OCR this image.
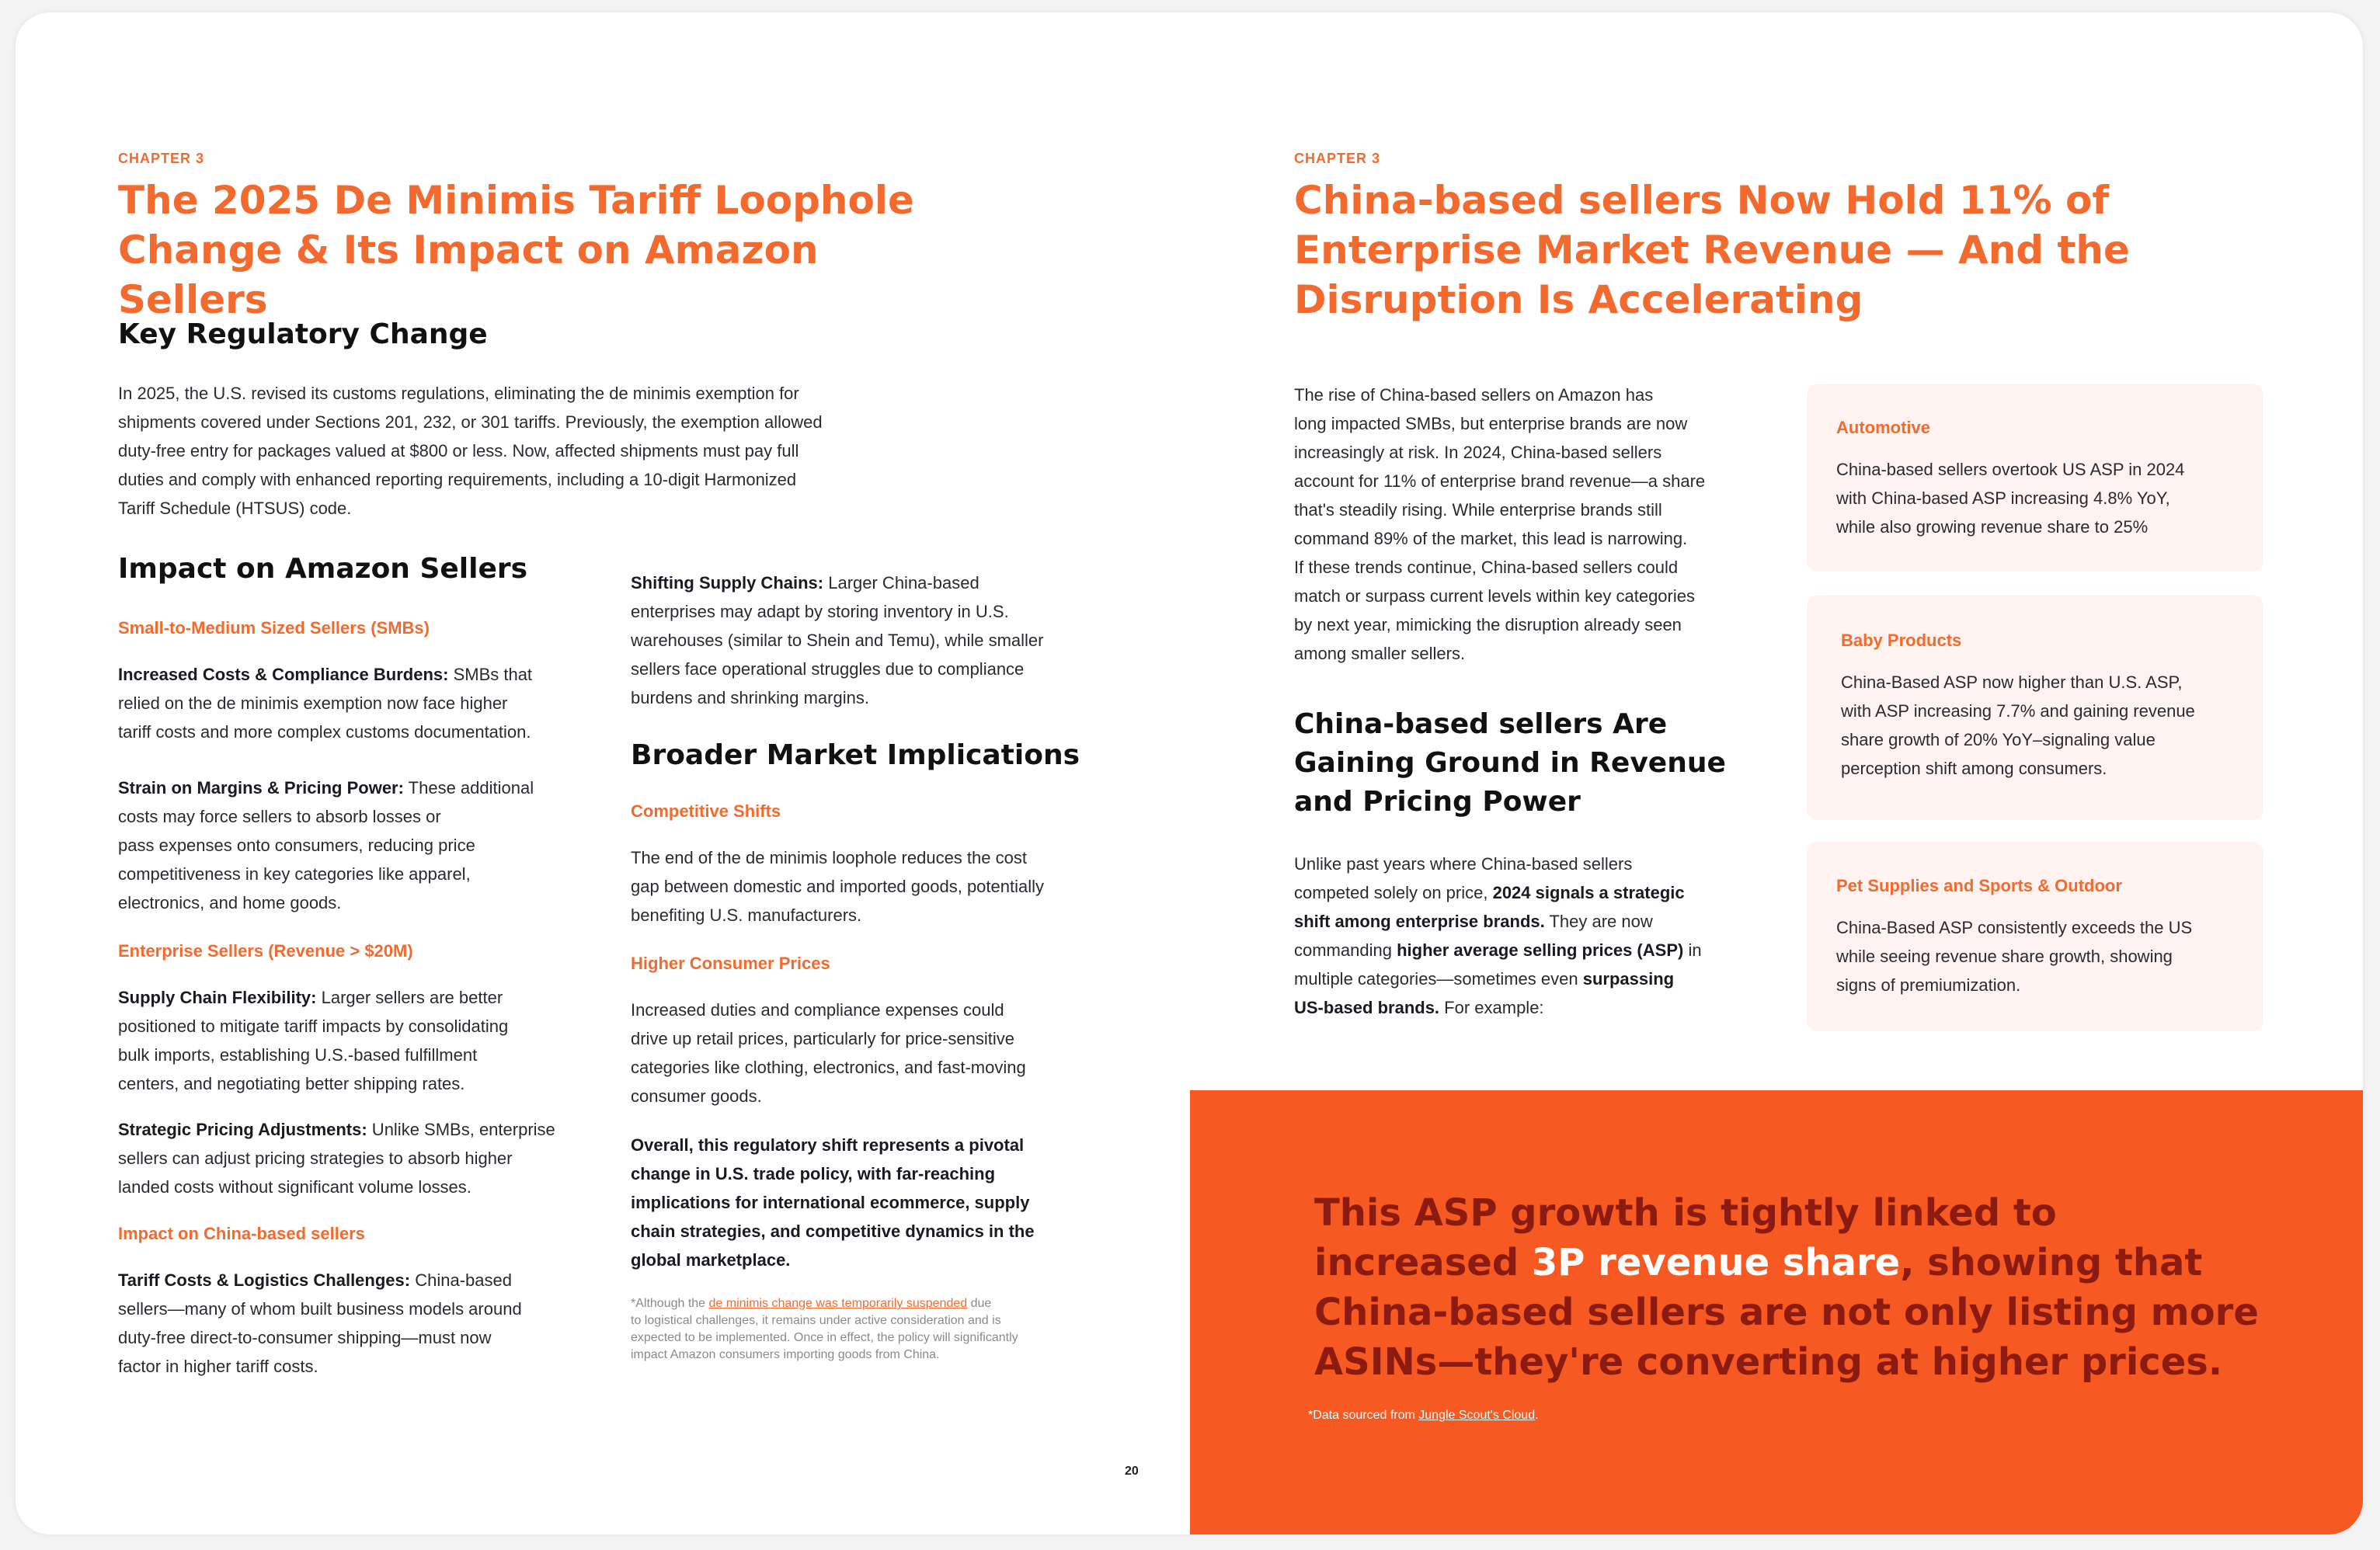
CHAPTER 3

The 2025 De Minimis Tariff Loophole

Change & Its Impact on Amazon Sellers

Key Regulatory Change

In 2025, the U.S. revised its customs regulations, eliminating the de minimis exemption for

shipments covered under Sections 201, 232, or 301 tariffs. Previously, the exemption allowed

duty-free entry for packages valued at $800 or less. Now, affected shipments must pay full

duties and comply with enhanced reporting requirements, including a 10-digit Harmonized

Tariff Schedule (HTSUS) code.

Impact on Amazon Sellers
Small-to-Medium Sized Sellers (SMBs)

Increased Costs & Compliance Burdens: SMBs that

relied on the de minimis exemption now face higher

tariff costs and more complex customs documentation.

Strain on Margins & Pricing Power: These additional

costs may force sellers to absorb losses or

pass expenses onto consumers, reducing price

competitiveness in key categories like apparel,

electronics, and home goods.

Enterprise Sellers (Revenue > $20M)

Supply Chain Flexibility: Larger sellers are better

positioned to mitigate tariff impacts by consolidating

bulk imports, establishing U.S.-based fulfillment

centers, and negotiating better shipping rates.

Strategic Pricing Adjustments: Unlike SMBs, enterprise

sellers can adjust pricing strategies to absorb higher

landed costs without significant volume losses.

Impact on China-based sellers

Tariff Costs & Logistics Challenges: China-based

sellers—many of whom built business models around

duty-free direct-to-consumer shipping—must now

factor in higher tariff costs.

Shifting Supply Chains: Larger China-based

enterprises may adapt by storing inventory in U.S.

warehouses (similar to Shein and Temu), while smaller

sellers face operational struggles due to compliance

burdens and shrinking margins.

Broader Market Implications
Competitive Shifts

The end of the de minimis loophole reduces the cost

gap between domestic and imported goods, potentially

benefiting U.S. manufacturers.

Higher Consumer Prices

Increased duties and compliance expenses could

drive up retail prices, particularly for price-sensitive

categories like clothing, electronics, and fast-moving

consumer goods.

Overall, this regulatory shift represents a pivotal

change in U.S. trade policy, with far-reaching

implications for international ecommerce, supply

chain strategies, and competitive dynamics in the

global marketplace.

*Although the de minimis change was temporarily suspended due
to logistical challenges, it remains under active consideration and is
expected to be implemented. Once in effect, the policy will significantly
impact Amazon consumers importing goods from China.
20
CHAPTER 3

China-based sellers Now Hold 11% of

Enterprise Market Revenue — And the

Disruption Is Accelerating

The rise of China-based sellers on Amazon has

long impacted SMBs, but enterprise brands are now

increasingly at risk. In 2024, China-based sellers

account for 11% of enterprise brand revenue—a share

that's steadily rising. While enterprise brands still

command 89% of the market, this lead is narrowing.

If these trends continue, China-based sellers could

match or surpass current levels within key categories

by next year, mimicking the disruption already seen

among smaller sellers.

China-based sellers Are

Gaining Ground in Revenue

and Pricing Power

Unlike past years where China-based sellers

competed solely on price, 2024 signals a strategic

shift among enterprise brands. They are now

commanding higher average selling prices (ASP) in

multiple categories—sometimes even surpassing

US-based brands. For example:

Automotive

China-based sellers overtook US ASP in 2024

with China-based ASP increasing 4.8% YoY,

while also growing revenue share to 25%

Baby Products

China-Based ASP now higher than U.S. ASP,

with ASP increasing 7.7% and gaining revenue

share growth of 20% YoY–signaling value

perception shift among consumers.

Pet Supplies and Sports & Outdoor

China-Based ASP consistently exceeds the US

while seeing revenue share growth, showing

signs of premiumization.

This ASP growth is tightly linked to

increased 3P revenue share, showing that

China-based sellers are not only listing more

ASINs—they're converting at higher prices.

*Data sourced from Jungle Scout's Cloud.
